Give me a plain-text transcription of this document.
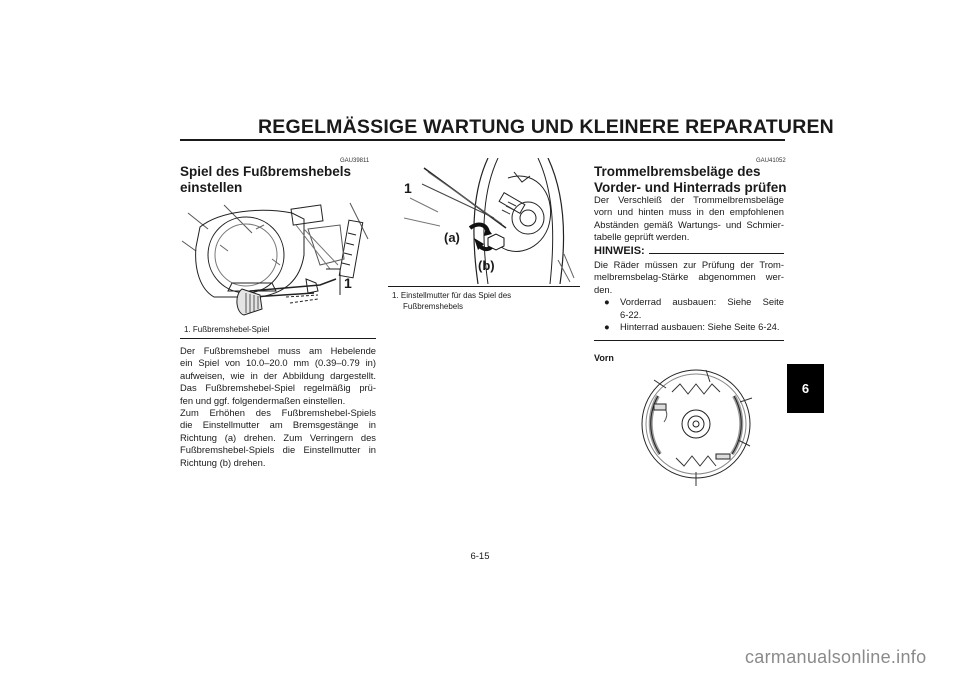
REGELMÄSSIGE WARTUNG UND KLEINERE REPARATUREN
GAU39811
Spiel des Fußbremshebels
einstellen
1
1. Fußbremshebel-Spiel
Der Fußbremshebel muss am Hebelende
ein Spiel von 10.0–20.0 mm (0.39–0.79 in)
aufweisen, wie in der Abbildung dargestellt.
Das Fußbremshebel-Spiel regelmäßig prü-
fen und ggf. folgendermaßen einstellen.
Zum Erhöhen des Fußbremshebel-Spiels
die Einstellmutter am Bremsgestänge in
Richtung (a) drehen. Zum Verringern des
Fußbremshebel-Spiels die Einstellmutter in
Richtung (b) drehen.
1
(a)
(b)
1. Einstellmutter für das Spiel des
Fußbremshebels
GAU41052
Trommelbremsbeläge des
Vorder- und Hinterrads prüfen
Der Verschleiß der Trommelbremsbeläge
vorn und hinten muss in den empfohlenen
Abständen gemäß Wartungs- und Schmier-
tabelle geprüft werden.
HINWEIS:
Die Räder müssen zur Prüfung der Trom-
melbremsbelag-Stärke abgenommen wer-
den.
●	Vorderrad ausbauen: Siehe Seite
6-22.
●	Hinterrad ausbauen: Siehe Seite 6-24.
Vorn
6
6-15
carmanualsonline.info
